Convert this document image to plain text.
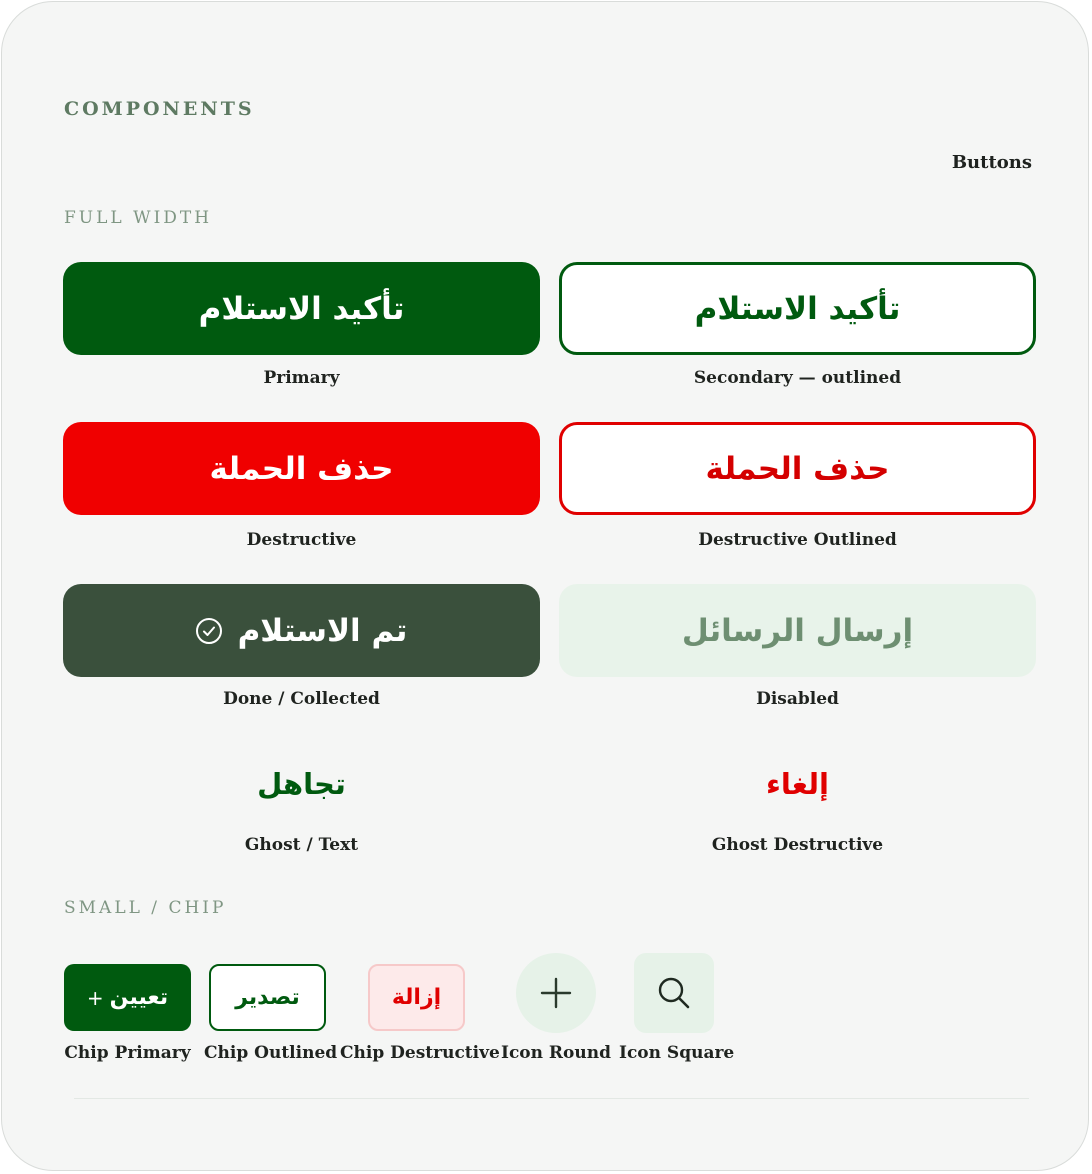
COMPONENTS
Buttons
FULL WIDTH
تأكيد الاستلام
Primary
تأكيد الاستلام
Secondary — outlined
حذف الحملة
Destructive
حذف الحملة
Destructive Outlined
تم الاستلام
Done / Collected
إرسال الرسائل
Disabled
تجاهل
Ghost / Text
إلغاء
Ghost Destructive
SMALL / CHIP
تعيين
+
Chip Primary
تصدير
Chip Outlined
إزالة
Chip Destructive Icon Round Icon Square
